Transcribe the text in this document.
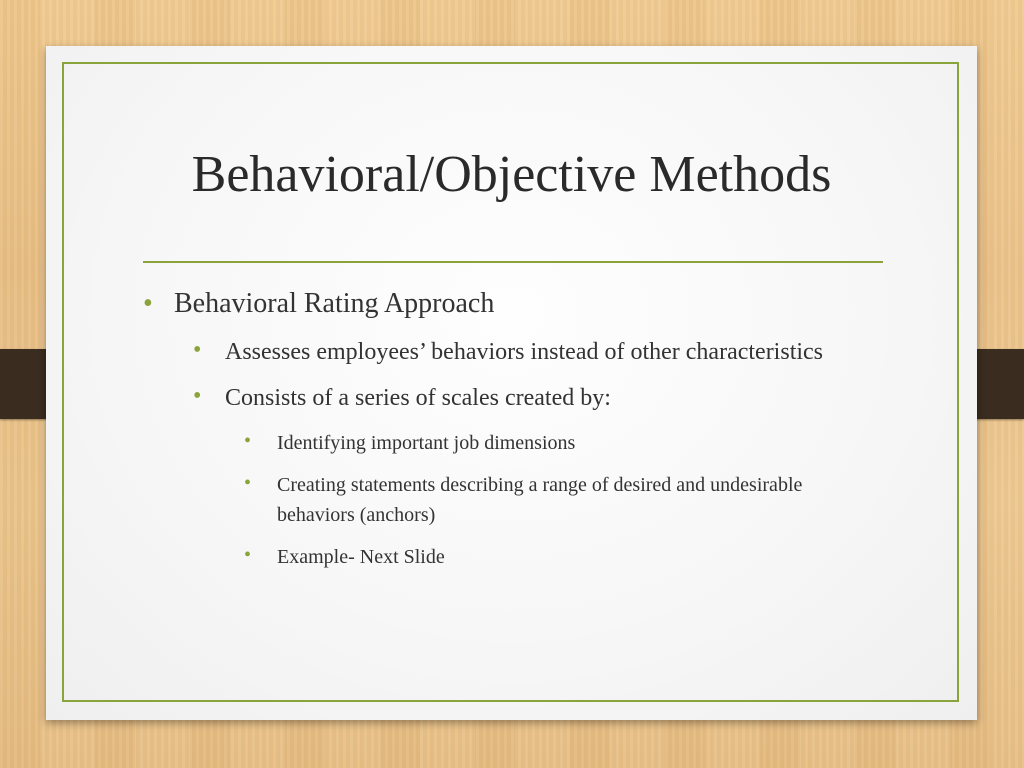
Behavioral/Objective Methods
• Behavioral Rating Approach
• Assesses employees’ behaviors instead of other characteristics
• Consists of a series of scales created by:
• Identifying important job dimensions
• Creating statements describing a range of desired and undesirable behaviors (anchors)
• Example- Next Slide
